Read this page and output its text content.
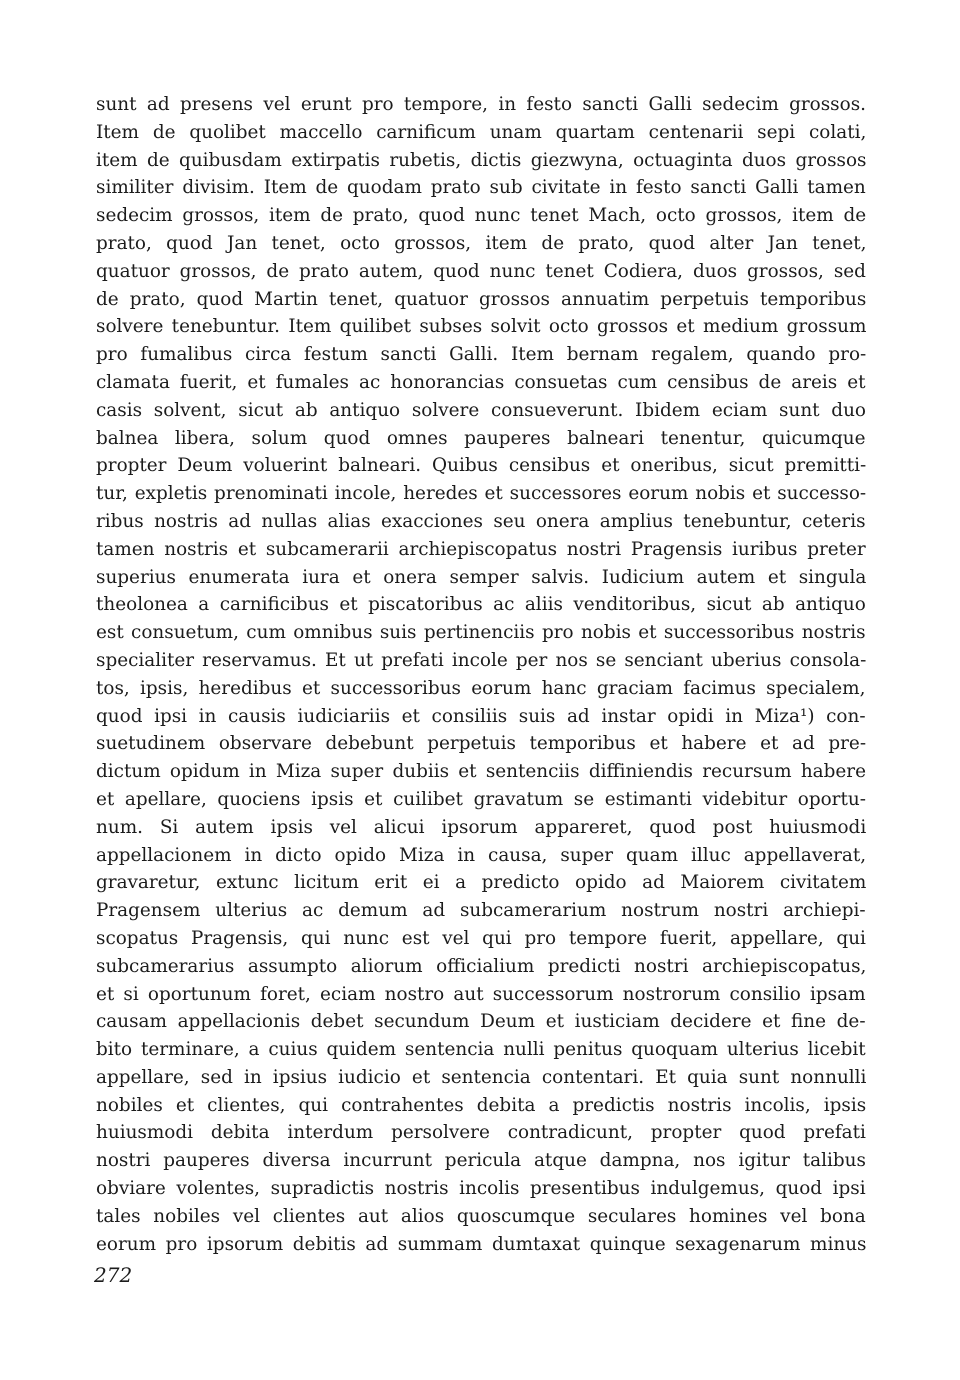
sunt ad presens vel erunt pro tempore, in festo sancti Galli sedecim grossos.
Item de quolibet maccello carnificum unam quartam centenarii sepi colati,
item de quibusdam extirpatis rubetis, dictis giezwyna, octuaginta duos grossos
similiter divisim. Item de quodam prato sub civitate in festo sancti Galli tamen
sedecim grossos, item de prato, quod nunc tenet Mach, octo grossos, item de
prato, quod Jan tenet, octo grossos, item de prato, quod alter Jan tenet,
quatuor grossos, de prato autem, quod nunc tenet Codiera, duos grossos, sed
de prato, quod Martin tenet, quatuor grossos annuatim perpetuis temporibus
solvere tenebuntur. Item quilibet subses solvit octo grossos et medium grossum
pro fumalibus circa festum sancti Galli. Item bernam regalem, quando pro-
clamata fuerit, et fumales ac honorancias consuetas cum censibus de areis et
casis solvent, sicut ab antiquo solvere consueverunt. Ibidem eciam sunt duo
balnea libera, solum quod omnes pauperes balneari tenentur, quicumque
propter Deum voluerint balneari. Quibus censibus et oneribus, sicut premitti-
tur, expletis prenominati incole, heredes et successores eorum nobis et successo-
ribus nostris ad nullas alias exacciones seu onera amplius tenebuntur, ceteris
tamen nostris et subcamerarii archiepiscopatus nostri Pragensis iuribus preter
superius enumerata iura et onera semper salvis. Iudicium autem et singula
theolonea a carnificibus et piscatoribus ac aliis venditoribus, sicut ab antiquo
est consuetum, cum omnibus suis pertinenciis pro nobis et successoribus nostris
specialiter reservamus. Et ut prefati incole per nos se senciant uberius consola-
tos, ipsis, heredibus et successoribus eorum hanc graciam facimus specialem,
quod ipsi in causis iudiciariis et consiliis suis ad instar opidi in Miza¹) con-
suetudinem observare debebunt perpetuis temporibus et habere et ad pre-
dictum opidum in Miza super dubiis et sentenciis diffiniendis recursum habere
et apellare, quociens ipsis et cuilibet gravatum se estimanti videbitur oportu-
num. Si autem ipsis vel alicui ipsorum appareret, quod post huiusmodi
appellacionem in dicto opido Miza in causa, super quam illuc appellaverat,
gravaretur, extunc licitum erit ei a predicto opido ad Maiorem civitatem
Pragensem ulterius ac demum ad subcamerarium nostrum nostri archiepi-
scopatus Pragensis, qui nunc est vel qui pro tempore fuerit, appellare, qui
subcamerarius assumpto aliorum officialium predicti nostri archiepiscopatus,
et si oportunum foret, eciam nostro aut successorum nostrorum consilio ipsam
causam appellacionis debet secundum Deum et iusticiam decidere et fine de-
bito terminare, a cuius quidem sentencia nulli penitus quoquam ulterius licebit
appellare, sed in ipsius iudicio et sentencia contentari. Et quia sunt nonnulli
nobiles et clientes, qui contrahentes debita a predictis nostris incolis, ipsis
huiusmodi debita interdum persolvere contradicunt, propter quod prefati
nostri pauperes diversa incurrunt pericula atque dampna, nos igitur talibus
obviare volentes, supradictis nostris incolis presentibus indulgemus, quod ipsi
tales nobiles vel clientes aut alios quoscumque seculares homines vel bona
eorum pro ipsorum debitis ad summam dumtaxat quinque sexagenarum minus
272
